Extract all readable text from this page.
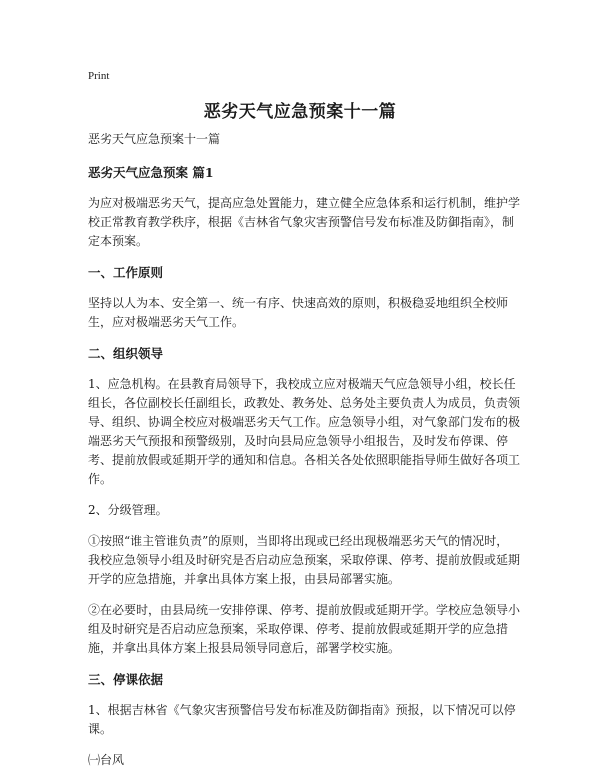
Print
恶劣天气应急预案十一篇

恶劣天气应急预案十一篇

恶劣天气应急预案 篇1

为应对极端恶劣天气，提高应急处置能力，建立健全应急体系和运行机制，维护学校正常教育教学秩序，根据《吉林省气象灾害预警信号发布标准及防御指南》，制定本预案。

一、工作原则

坚持以人为本、安全第一、统一有序、快速高效的原则，积极稳妥地组织全校师生，应对极端恶劣天气工作。

二、组织领导

1、应急机构。在县教育局领导下，我校成立应对极端天气应急领导小组，校长任组长，各位副校长任副组长，政教处、教务处、总务处主要负责人为成员，负责领导、组织、协调全校应对极端恶劣天气工作。应急领导小组，对气象部门发布的极端恶劣天气预报和预警级别，及时向县局应急领导小组报告，及时发布停课、停考、提前放假或延期开学的通知和信息。各相关各处依照职能指导师生做好各项工作。

2、分级管理。

①按照“谁主管谁负责”的原则，当即将出现或已经出现极端恶劣天气的情况时，我校应急领导小组及时研究是否启动应急预案，采取停课、停考、提前放假或延期开学的应急措施，并拿出具体方案上报，由县局部署实施。

②在必要时，由县局统一安排停课、停考、提前放假或延期开学。学校应急领导小组及时研究是否启动应急预案，采取停课、停考、提前放假或延期开学的应急措施，并拿出具体方案上报县局领导同意后，部署学校实施。

三、停课依据

1、根据吉林省《气象灾害预警信号发布标准及防御指南》预报，以下情况可以停课。

㈠台风
